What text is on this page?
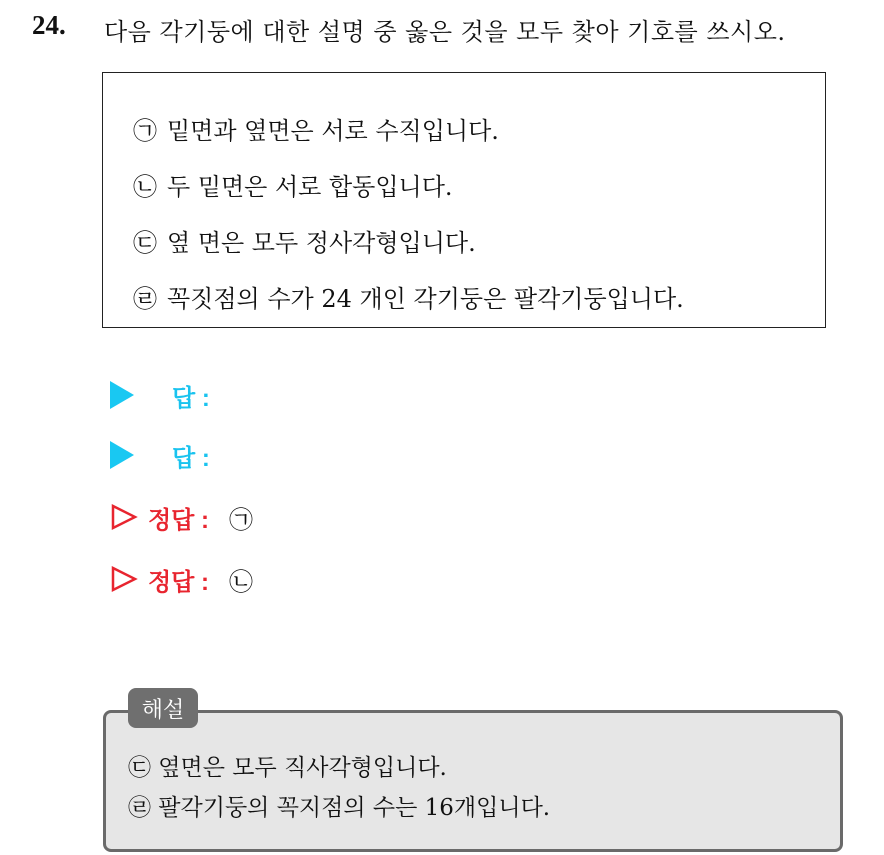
24. 다음 각기둥에 대한 설명 중 옳은 것을 모두 찾아 기호를 쓰시오.
㉠ 밑면과 옆면은 서로 수직입니다.
㉡ 두 밑면은 서로 합동입니다.
㉢ 옆 면은 모두 정사각형입니다.
㉣ 꼭짓점의 수가 24 개인 각기둥은 팔각기둥입니다.
답 :
답 :
정답 : ㉠
정답 : ㉡
㉢ 옆면은 모두 직사각형입니다.
㉣ 팔각기둥의 꼭지점의 수는 16개입니다.
해설
